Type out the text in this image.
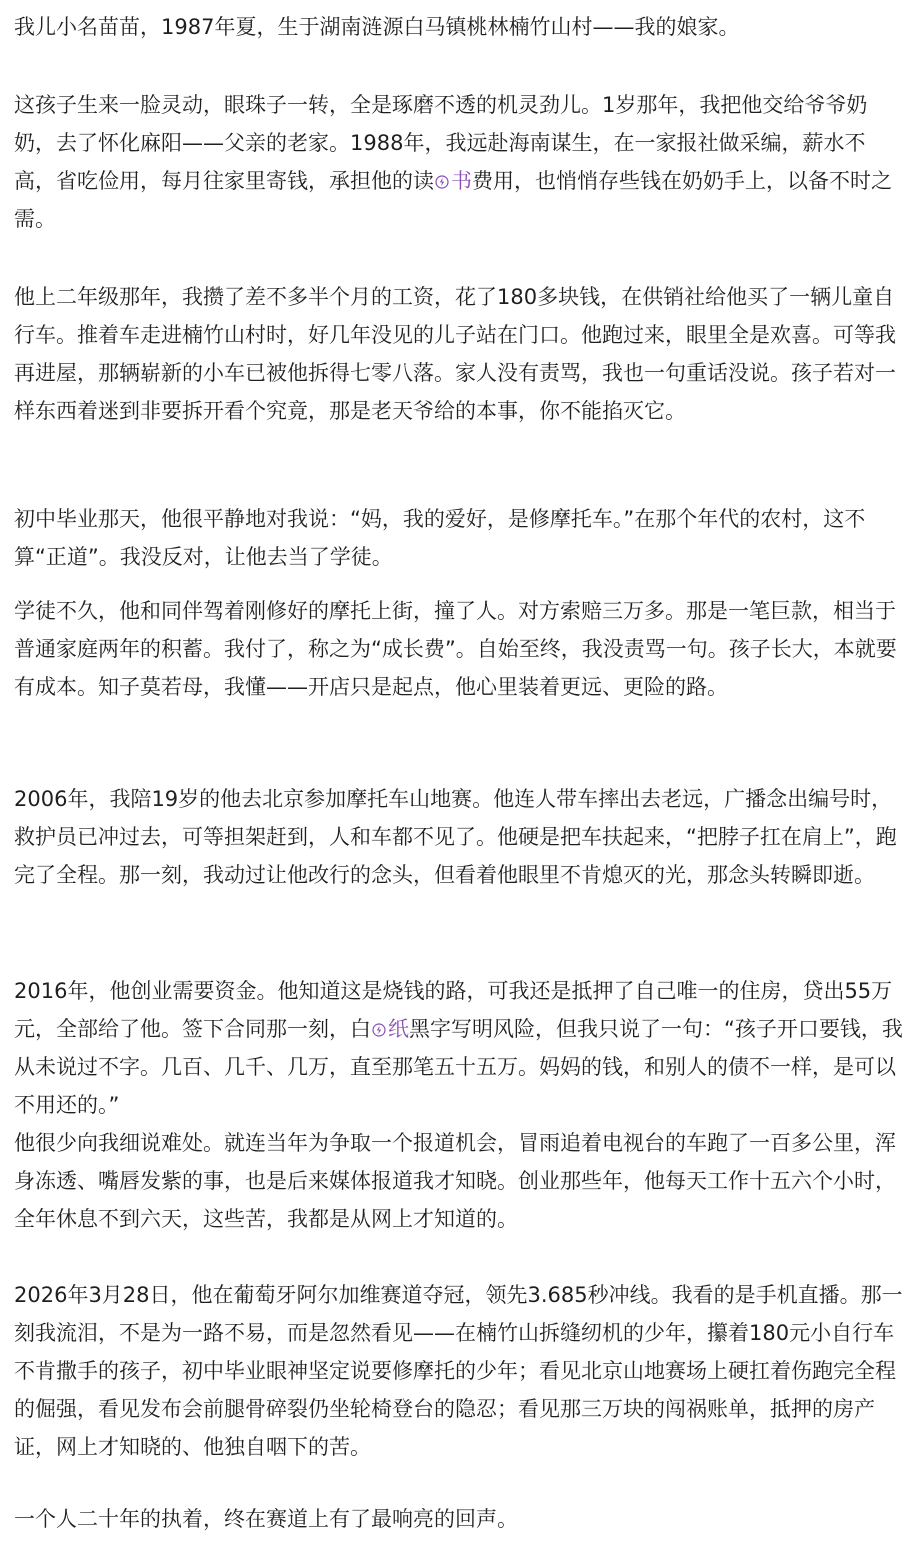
我儿小名苗苗，1987年夏，生于湖南涟源白马镇桃林楠竹山村——我的娘家。

这孩子生来一脸灵动，眼珠子一转，全是琢磨不透的机灵劲儿。1岁那年，我把他交给爷爷奶奶，去了怀化麻阳——父亲的老家。1988年，我远赴海南谋生，在一家报社做采编，薪水不高，省吃俭用，每月往家里寄钱，承担他的读 书费用，也悄悄存些钱在奶奶手上，以备不时之需。

他上二年级那年，我攒了差不多半个月的工资，花了180多块钱，在供销社给他买了一辆儿童自行车。推着车走进楠竹山村时，好几年没见的儿子站在门口。他跑过来，眼里全是欢喜。可等我再进屋，那辆崭新的小车已被他拆得七零八落。家人没有责骂，我也一句重话没说。孩子若对一样东西着迷到非要拆开看个究竟，那是老天爷给的本事，你不能掐灭它。

初中毕业那天，他很平静地对我说：“妈，我的爱好，是修摩托车。”在那个年代的农村，这不算“正道”。我没反对，让他去当了学徒。

学徒不久，他和同伴驾着刚修好的摩托上街，撞了人。对方索赔三万多。那是一笔巨款，相当于普通家庭两年的积蓄。我付了，称之为“成长费”。自始至终，我没责骂一句。孩子长大，本就要有成本。知子莫若母，我懂——开店只是起点，他心里装着更远、更险的路。

2006年，我陪19岁的他去北京参加摩托车山地赛。他连人带车摔出去老远，广播念出编号时，救护员已冲过去，可等担架赶到，人和车都不见了。他硬是把车扶起来，“把脖子扛在肩上”，跑完了全程。那一刻，我动过让他改行的念头，但看着他眼里不肯熄灭的光，那念头转瞬即逝。

2016年，他创业需要资金。他知道这是烧钱的路，可我还是抵押了自己唯一的住房，贷出55万元，全部给了他。签下合同那一刻，白 纸黑字写明风险，但我只说了一句：“孩子开口要钱，我从未说过不字。几百、几千、几万，直至那笔五十五万。妈妈的钱，和别人的债不一样，是可以不用还的。”

他很少向我细说难处。就连当年为争取一个报道机会，冒雨追着电视台的车跑了一百多公里，浑身冻透、嘴唇发紫的事，也是后来媒体报道我才知晓。创业那些年，他每天工作十五六个小时，全年休息不到六天，这些苦，我都是从网上才知道的。

2026年3月28日，他在葡萄牙阿尔加维赛道夺冠，领先3.685秒冲线。我看的是手机直播。那一刻我流泪，不是为一路不易，而是忽然看见——在楠竹山拆缝纫机的少年，攥着180元小自行车不肯撒手的孩子，初中毕业眼神坚定说要修摩托的少年；看见北京山地赛场上硬扛着伤跑完全程的倔强，看见发布会前腿骨碎裂仍坐轮椅登台的隐忍；看见那三万块的闯祸账单，抵押的房产证，网上才知晓的、他独自咽下的苦。

一个人二十年的执着，终在赛道上有了最响亮的回声。
